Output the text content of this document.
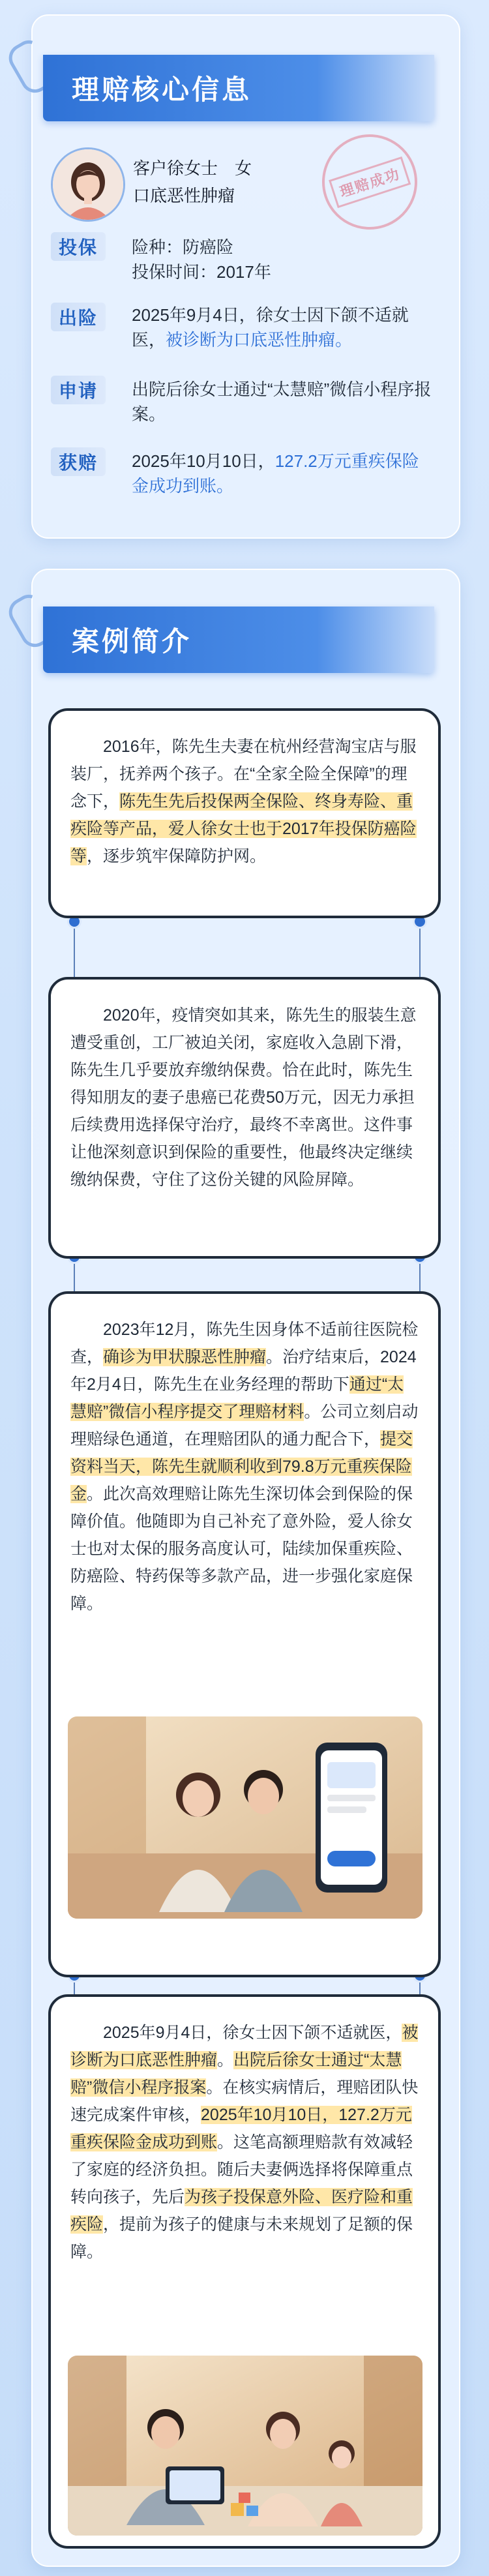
理赔核心信息
客户徐女士　女
口底恶性肿瘤	理赔成功
投保	险种：防癌险
投保时间：2017年
出险	2025年9月4日，徐女士因下颌不适就医，被诊断为口底恶性肿瘤。
申请	出院后徐女士通过“太慧赔”微信小程序报案。
获赔	2025年10月10日，127.2万元重疾保险金成功到账。
案例简介

2016年，陈先生夫妻在杭州经营淘宝店与服装厂，抚养两个孩子。在“全家全险全保障”的理念下，陈先生先后投保两全保险、终身寿险、重疾险等产品，爱人徐女士也于2017年投保防癌险等，逐步筑牢保障防护网。

2020年，疫情突如其来，陈先生的服装生意遭受重创，工厂被迫关闭，家庭收入急剧下滑，陈先生几乎要放弃缴纳保费。恰在此时，陈先生得知朋友的妻子患癌已花费50万元，因无力承担后续费用选择保守治疗，最终不幸离世。这件事让他深刻意识到保险的重要性，他最终决定继续缴纳保费，守住了这份关键的风险屏障。

2023年12月，陈先生因身体不适前往医院检查，确诊为甲状腺恶性肿瘤。治疗结束后，2024年2月4日，陈先生在业务经理的帮助下通过“太慧赔”微信小程序提交了理赔材料。公司立刻启动理赔绿色通道，在理赔团队的通力配合下，提交资料当天，陈先生就顺利收到79.8万元重疾保险金。此次高效理赔让陈先生深切体会到保险的保障价值。他随即为自己补充了意外险，爱人徐女士也对太保的服务高度认可，陆续加保重疾险、防癌险、特药保等多款产品，进一步强化家庭保障。

2025年9月4日，徐女士因下颌不适就医，被诊断为口底恶性肿瘤。出院后徐女士通过“太慧赔”微信小程序报案。在核实病情后，理赔团队快速完成案件审核，2025年10月10日，127.2万元重疾保险金成功到账。这笔高额理赔款有效减轻了家庭的经济负担。随后夫妻俩选择将保障重点转向孩子，先后为孩子投保意外险、医疗险和重疾险，提前为孩子的健康与未来规划了足额的保障。
